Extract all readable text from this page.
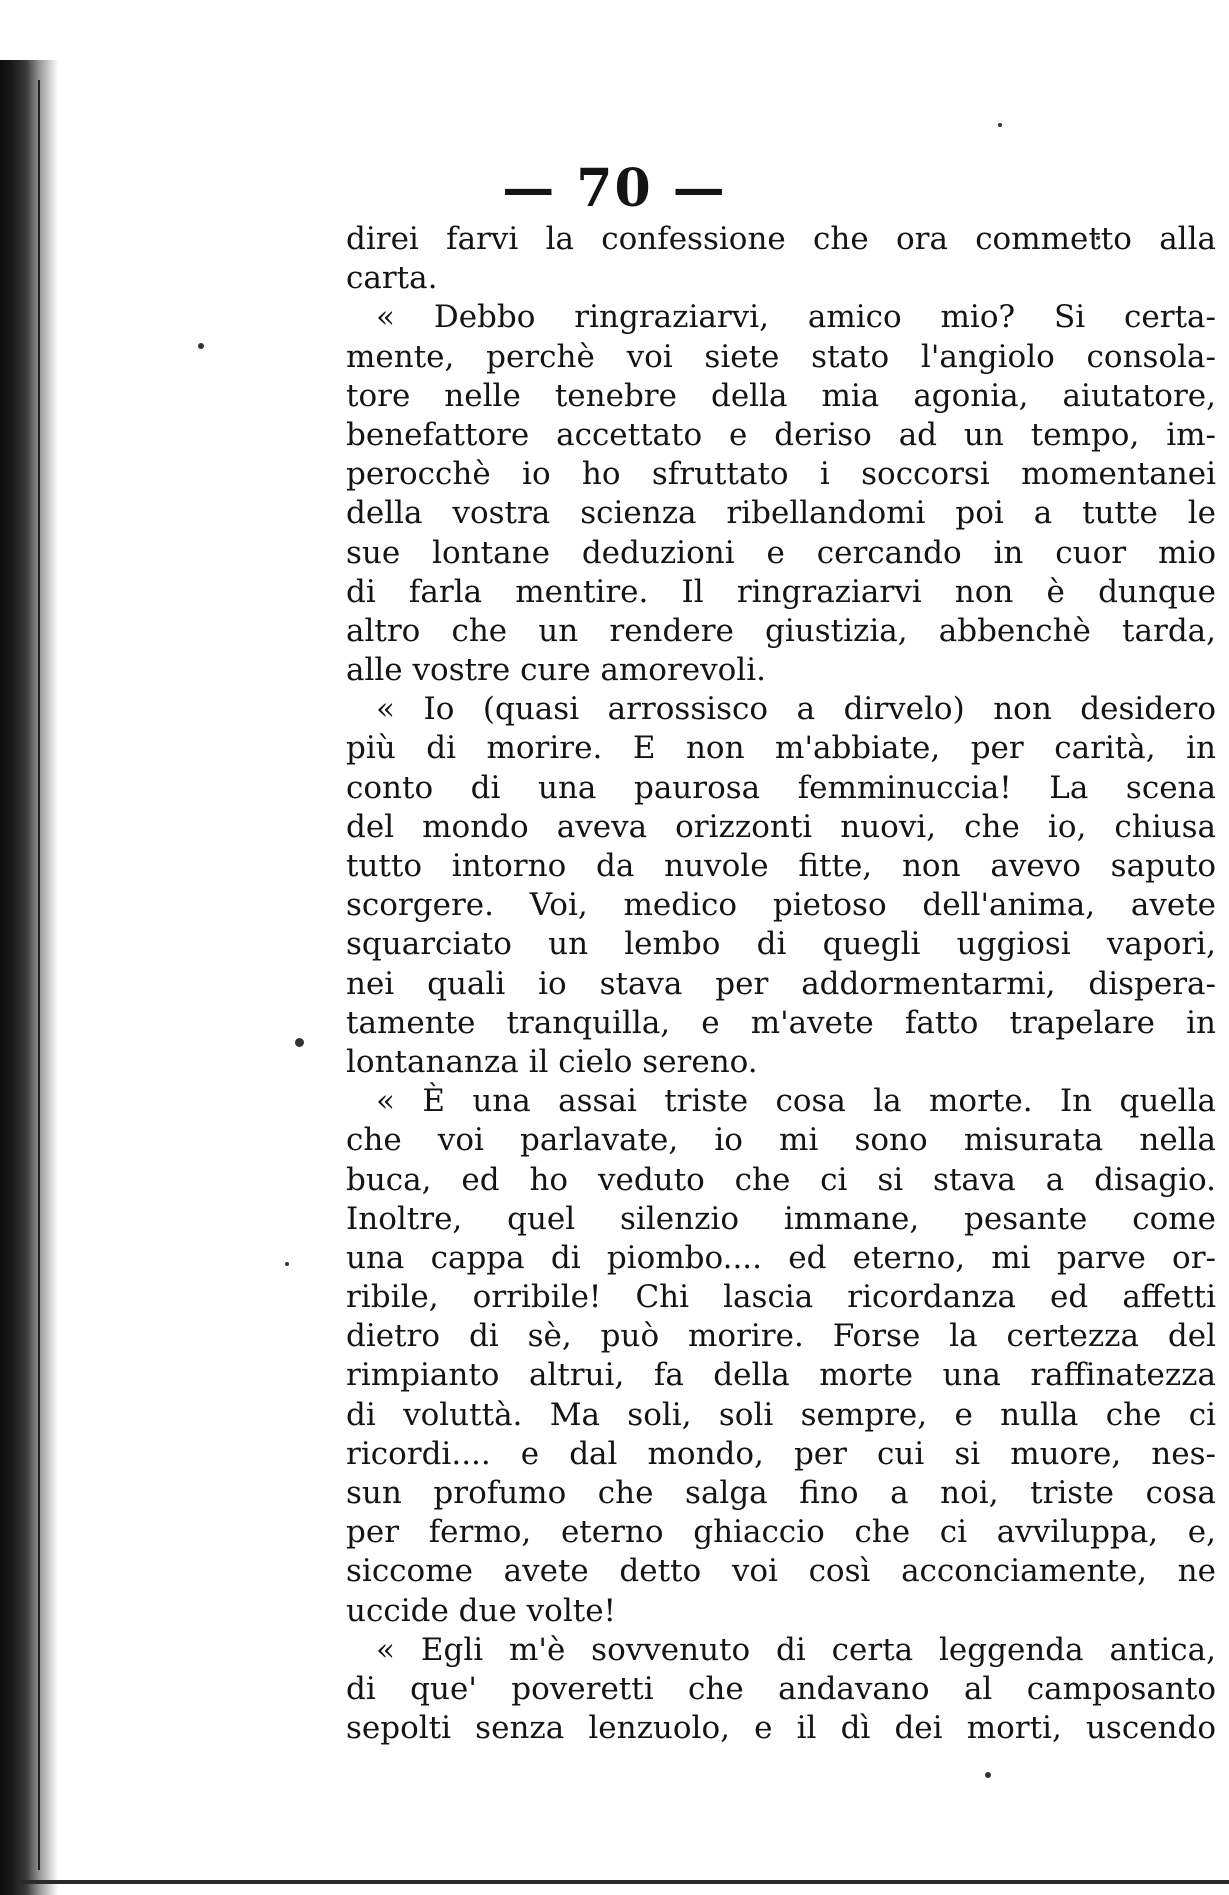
— 70 —
direi farvi la confessione che ora commetto alla
carta.
« Debbo ringraziarvi, amico mio? Si certa-
mente, perchè voi siete stato l'angiolo consola-
tore nelle tenebre della mia agonia, aiutatore,
benefattore accettato e deriso ad un tempo, im-
perocchè io ho sfruttato i soccorsi momentanei
della vostra scienza ribellandomi poi a tutte le
sue lontane deduzioni e cercando in cuor mio
di farla mentire. Il ringraziarvi non è dunque
altro che un rendere giustizia, abbenchè tarda,
alle vostre cure amorevoli.
« Io (quasi arrossisco a dirvelo) non desidero
più di morire. E non m'abbiate, per carità, in
conto di una paurosa femminuccia! La scena
del mondo aveva orizzonti nuovi, che io, chiusa
tutto intorno da nuvole fitte, non avevo saputo
scorgere. Voi, medico pietoso dell'anima, avete
squarciato un lembo di quegli uggiosi vapori,
nei quali io stava per addormentarmi, dispera-
tamente tranquilla, e m'avete fatto trapelare in
lontananza il cielo sereno.
« È una assai triste cosa la morte. In quella
che voi parlavate, io mi sono misurata nella
buca, ed ho veduto che ci si stava a disagio.
Inoltre, quel silenzio immane, pesante come
una cappa di piombo.... ed eterno, mi parve or-
ribile, orribile! Chi lascia ricordanza ed affetti
dietro di sè, può morire. Forse la certezza del
rimpianto altrui, fa della morte una raffinatezza
di voluttà. Ma soli, soli sempre, e nulla che ci
ricordi.... e dal mondo, per cui si muore, nes-
sun profumo che salga fino a noi, triste cosa
per fermo, eterno ghiaccio che ci avviluppa, e,
siccome avete detto voi così acconciamente, ne
uccide due volte!
« Egli m'è sovvenuto di certa leggenda antica,
di que' poveretti che andavano al camposanto
sepolti senza lenzuolo, e il dì dei morti, uscendo
